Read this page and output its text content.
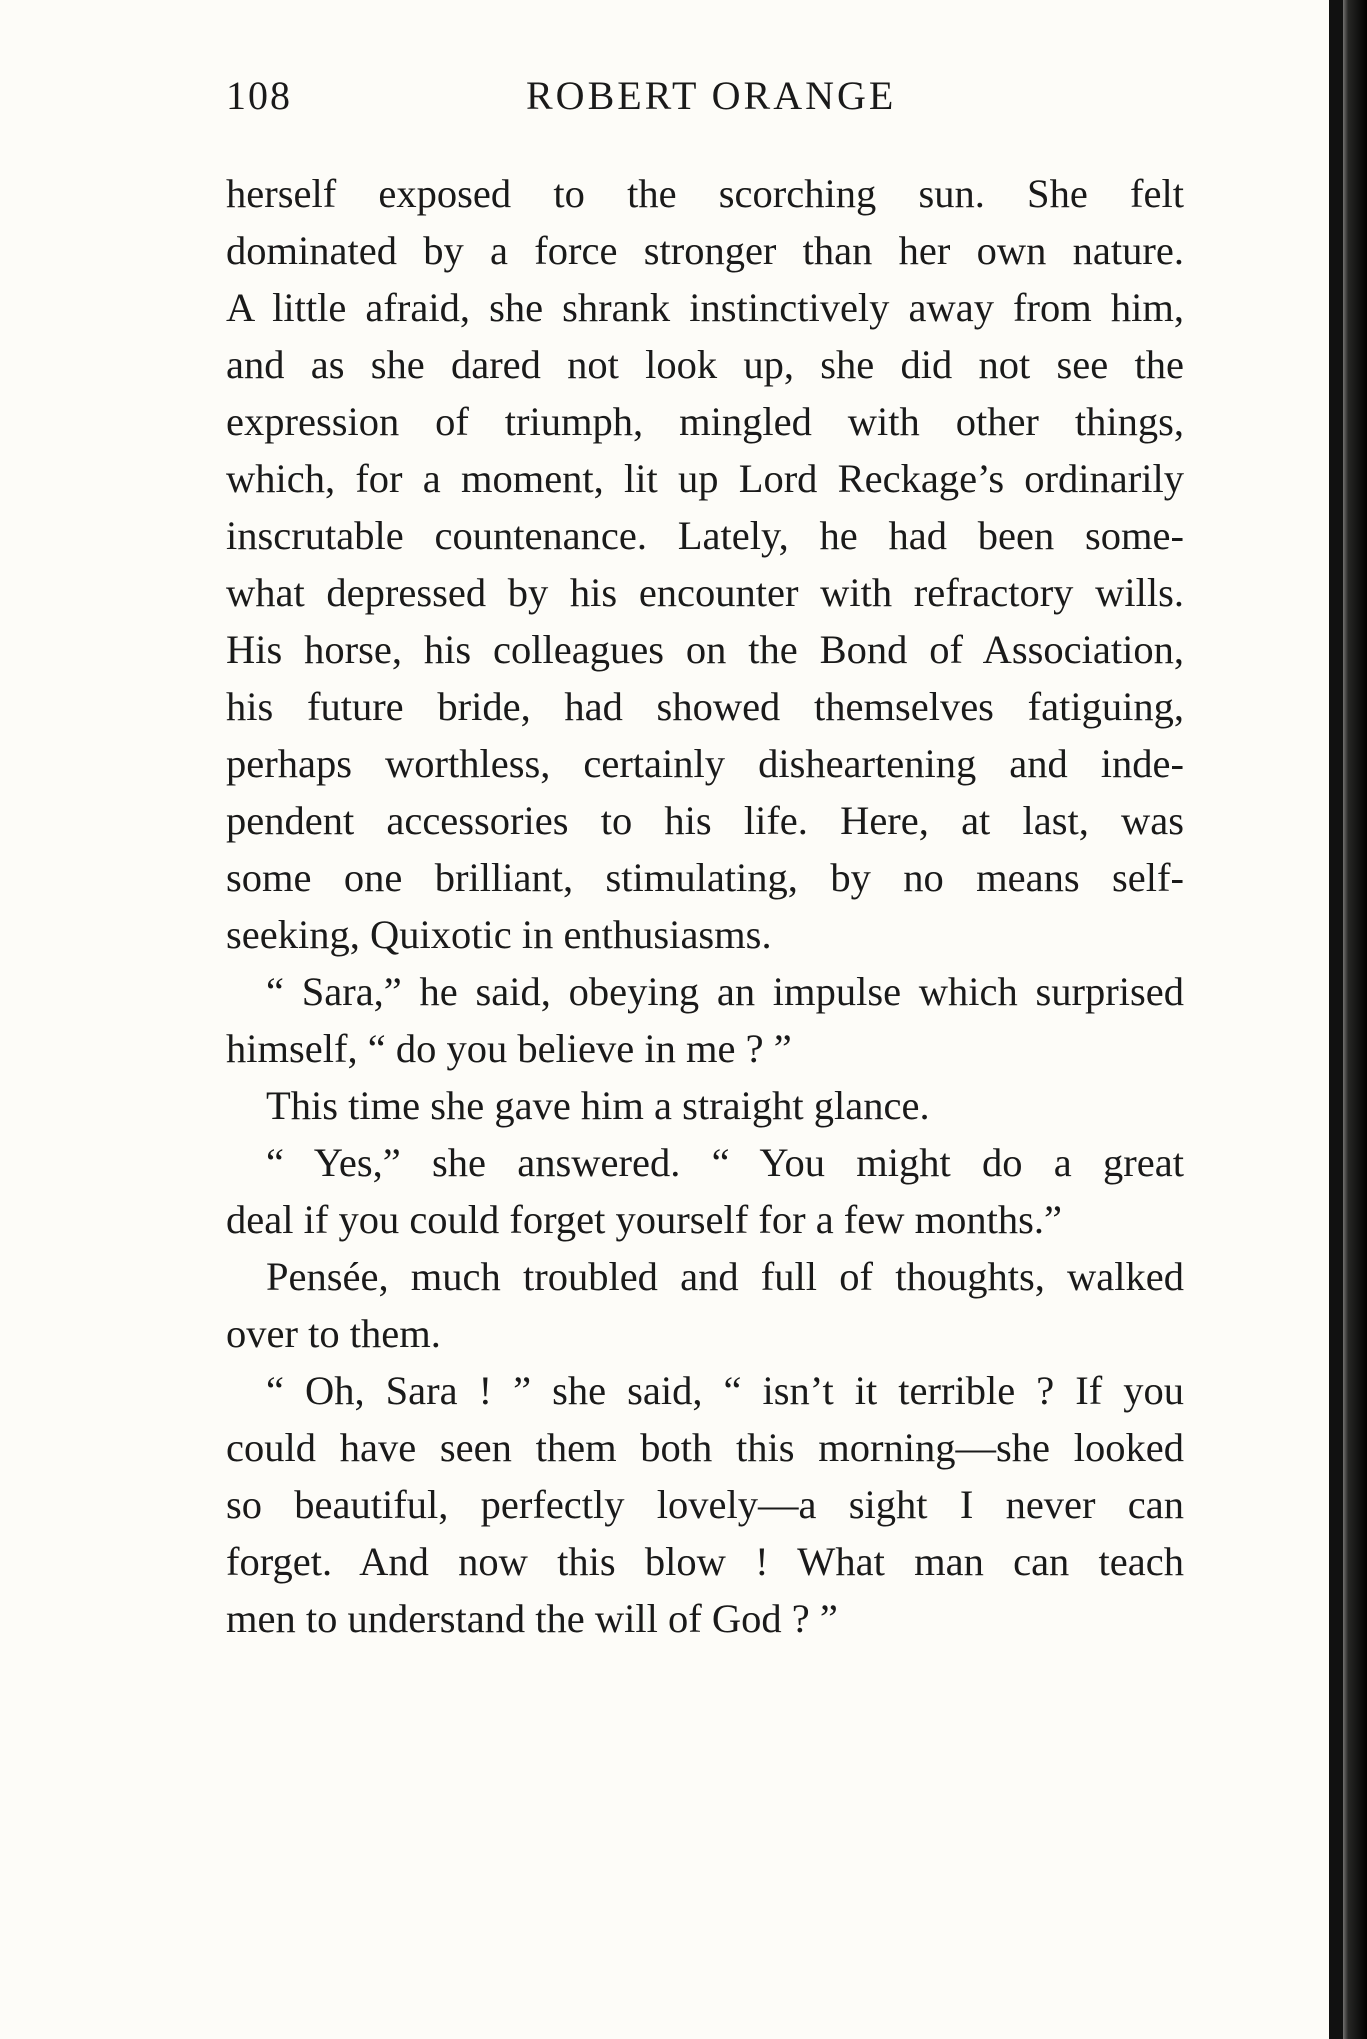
108	ROBERT ORANGE
herself exposed to the scorching sun. She felt
dominated by a force stronger than her own nature.
A little afraid, she shrank instinctively away from him,
and as she dared not look up, she did not see the
expression of triumph, mingled with other things,
which, for a moment, lit up Lord Reckage’s ordinarily
inscrutable countenance. Lately, he had been some-
what depressed by his encounter with refractory wills.
His horse, his colleagues on the Bond of Association,
his future bride, had showed themselves fatiguing,
perhaps worthless, certainly disheartening and inde-
pendent accessories to his life. Here, at last, was
some one brilliant, stimulating, by no means self-
seeking, Quixotic in enthusiasms.
“ Sara,” he said, obeying an impulse which surprised
himself, “ do you believe in me ? ”
This time she gave him a straight glance.
“ Yes,” she answered. “ You might do a great
deal if you could forget yourself for a few months.”
Pensée, much troubled and full of thoughts, walked
over to them.
“ Oh, Sara ! ” she said, “ isn’t it terrible ? If you
could have seen them both this morning—she looked
so beautiful, perfectly lovely—a sight I never can
forget. And now this blow ! What man can teach
men to understand the will of God ? ”
